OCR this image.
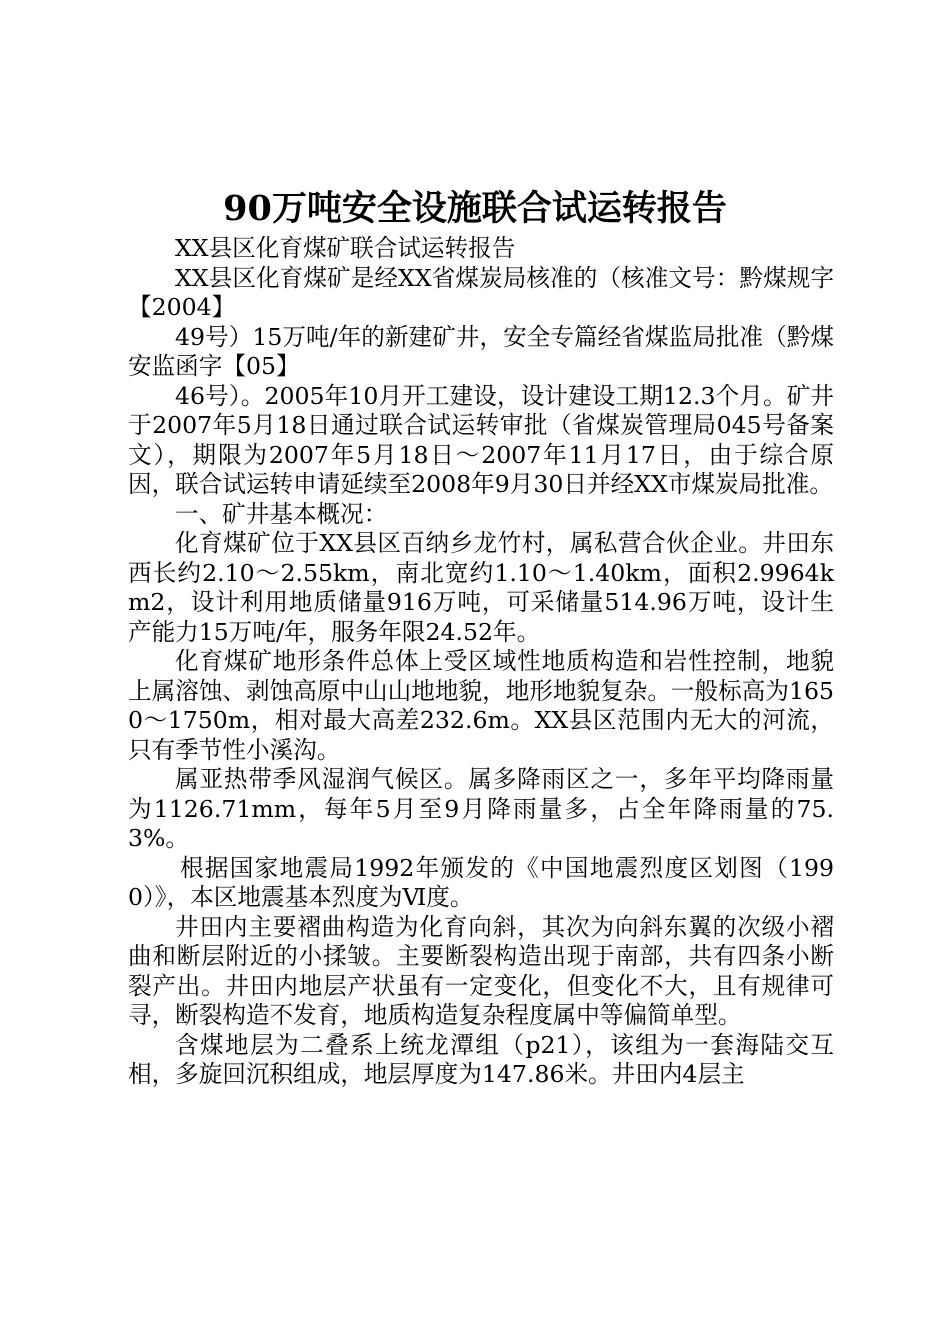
90万吨安全设施联合试运转报告

XX县区化育煤矿联合试运转报告

XX县区化育煤矿是经XX省煤炭局核准的（核准文号：黔煤规字【2004】

49号）15万吨/年的新建矿井，安全专篇经省煤监局批准（黔煤安监函字【05】

46号）。2005年10月开工建设，设计建设工期12.3个月。矿井于2007年5月18日通过联合试运转审批（省煤炭管理局045号备案文），期限为2007年5月18日～2007年11月17日，由于综合原因，联合试运转申请延续至2008年9月30日并经XX市煤炭局批准。

一、矿井基本概况：

化育煤矿位于XX县区百纳乡龙竹村，属私营合伙企业。井田东西长约2.10～2.55km，南北宽约1.10～1.40km，面积2.9964km2，设计利用地质储量916万吨，可采储量514.96万吨，设计生产能力15万吨/年，服务年限24.52年。

化育煤矿地形条件总体上受区域性地质构造和岩性控制，地貌上属溶蚀、剥蚀高原中山山地地貌，地形地貌复杂。一般标高为1650～1750m，相对最大高差232.6m。XX县区范围内无大的河流，只有季节性小溪沟。

属亚热带季风湿润气候区。属多降雨区之一，多年平均降雨量为1126.71mm，每年5月至9月降雨量多，占全年降雨量的75.3%。

根据国家地震局1992年颁发的《中国地震烈度区划图（1990）》，本区地震基本烈度为Ⅵ度。

井田内主要褶曲构造为化育向斜，其次为向斜东翼的次级小褶曲和断层附近的小揉皱。主要断裂构造出现于南部，共有四条小断裂产出。井田内地层产状虽有一定变化，但变化不大，且有规律可寻，断裂构造不发育，地质构造复杂程度属中等偏简单型。

含煤地层为二叠系上统龙潭组（p21），该组为一套海陆交互相，多旋回沉积组成，地层厚度为147.86米。井田内4层主
